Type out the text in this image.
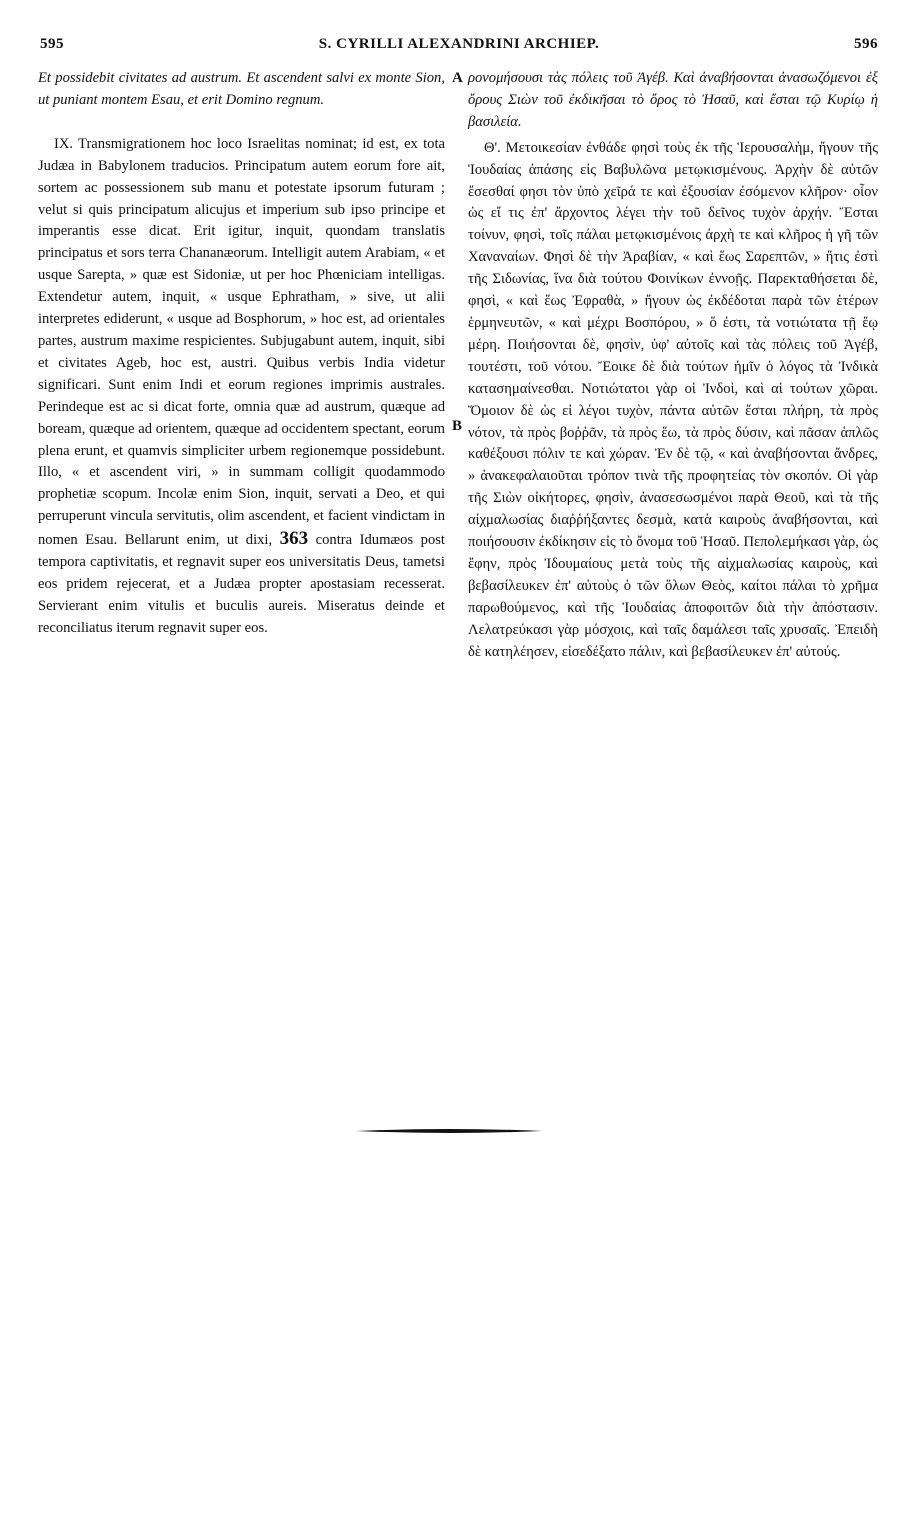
595	S. CYRILLI ALEXANDRINI ARCHIEP.	596

Et possidebit civitates ad austrum. Et ascendent salvi ex monte Sion, ut puniant montem Esau, et erit Domino regnum.

IX. Transmigrationem hoc loco Israelitas nominat; id est, ex tota Judæa in Babylonem traducios. Principatum autem eorum fore ait, sortem ac possessionem sub manu et potestate ipsorum futuram ; velut si quis principatum alicujus et imperium sub ipso principe et imperantis esse dicat. Erit igitur, inquit, quondam translatis principatus et sors terra Chananæorum. Intelligit autem Arabiam, « et usque Sarepta, » quæ est Sidoniæ, ut per hoc Phœniciam intelligas. Extendetur autem, inquit, « usque Ephratham, » sive, ut alii interpretes ediderunt, « usque ad Bosphorum, » hoc est, ad orientales partes, austrum maxime respicientes. Subjugabunt autem, inquit, sibi et civitates Ageb, hoc est, austri. Quibus verbis India videtur significari. Sunt enim Indi et eorum regiones imprimis australes. Perindeque est ac si dicat forte, omnia quæ ad austrum, quæque ad boream, quæque ad orientem, quæque ad occidentem spectant, eorum plena erunt, et quamvis simpliciter urbem regionemque possidebunt. Illo, « et ascendent viri, » in summam colligit quodammodo prophetiæ scopum. Incolæ enim Sion, inquit, servati a Deo, et qui perruperunt vincula servitutis, olim ascendent, et facient vindictam in nomen Esau. Bellarunt enim, ut dixi, 363 contra Idumæos post tempora captivitatis, et regnavit super eos universitatis Deus, tametsi eos pridem rejecerat, et a Judæa propter apostasiam recesserat. Servierant enim vitulis et buculis aureis. Miseratus deinde et reconciliatus iterum regnavit super eos.

A
B

ρονομήσουσι τὰς πόλεις τοῦ Ἀγέβ. Καὶ ἀναβήσονται ἀνασωζόμενοι ἐξ ὄρους Σιὼν τοῦ ἐκδικῆσαι τὸ ὄρος τὸ Ἠσαῦ, καὶ ἔσται τῷ Κυρίῳ ἡ βασιλεία.

Θ'. Μετοικεσίαν ἐνθάδε φησὶ τοὺς ἐκ τῆς Ἱερουσαλὴμ, ἤγουν τῆς Ἰουδαίας ἁπάσης εἰς Βαβυλῶνα μετῳκισμένους. Ἀρχὴν δὲ αὐτῶν ἔσεσθαί φησι τὸν ὑπὸ χεῖρά τε καὶ ἐξουσίαν ἐσόμενον κλῆρον· οἷον ὡς εἴ τις ἐπ' ἄρχοντος λέγει τὴν τοῦ δεῖνος τυχὸν ἀρχήν. Ἔσται τοίνυν, φησὶ, τοῖς πάλαι μετῳκισμένοις ἀρχὴ τε καὶ κλῆρος ἡ γῆ τῶν Χαναναίων. Φησὶ δὲ τὴν Ἀραβίαν, « καὶ ἕως Σαρεπτῶν, » ἥτις ἐστὶ τῆς Σιδωνίας, ἵνα διὰ τούτου Φοινίκων ἐννοῇς. Παρεκταθήσεται δὲ, φησὶ, « καὶ ἕως Ἐφραθὰ, » ἤγουν ὡς ἐκδέδοται παρὰ τῶν ἑτέρων ἑρμηνευτῶν, « καὶ μέχρι Βοσπόρου, » ὅ ἐστι, τὰ νοτιώτατα τῇ ἕῳ μέρη. Ποιήσονται δὲ, φησὶν, ὑφ' αὐτοῖς καὶ τὰς πόλεις τοῦ Ἀγέβ, τουτέστι, τοῦ νότου. Ἔοικε δὲ διὰ τούτων ἡμῖν ὁ λόγος τὰ Ἰνδικὰ κατασημαίνεσθαι. Νοτιώτατοι γὰρ οἱ Ἰνδοὶ, καὶ αἱ τούτων χῶραι. Ὅμοιον δὲ ὡς εἰ λέγοι τυχὸν, πάντα αὐτῶν ἔσται πλήρη, τὰ πρὸς νότον, τὰ πρὸς βοῤῥᾶν, τὰ πρὸς ἕω, τὰ πρὸς δύσιν, καὶ πᾶσαν ἁπλῶς καθέξουσι πόλιν τε καὶ χώραν. Ἐν δὲ τῷ, « καὶ ἀναβήσονται ἄνδρες, » ἀνακεφαλαιοῦται τρόπον τινὰ τῆς προφητείας τὸν σκοπόν. Οἱ γὰρ τῆς Σιὼν οἰκήτορες, φησὶν, ἀνασεσωσμένοι παρὰ Θεοῦ, καὶ τὰ τῆς αἰχμαλωσίας διαῤῥήξαντες δεσμὰ, κατὰ καιροὺς ἀναβήσονται, καὶ ποιήσουσιν ἐκδίκησιν εἰς τὸ ὄνομα τοῦ Ἠσαῦ. Πεπολεμήκασι γὰρ, ὡς ἔφην, πρὸς Ἰδουμαίους μετὰ τοὺς τῆς αἰχμαλωσίας καιροὺς, καὶ βεβασίλευκεν ἐπ' αὐτοὺς ὁ τῶν ὅλων Θεὸς, καίτοι πάλαι τὸ χρῆμα παρωθούμενος, καὶ τῆς Ἰουδαίας ἀποφοιτῶν διὰ τὴν ἀπόστασιν. Λελατρεύκασι γὰρ μόσχοις, καὶ ταῖς δαμάλεσι ταῖς χρυσαῖς. Ἐπειδὴ δὲ κατηλέησεν, εἰσεδέξατο πάλιν, καὶ βεβασίλευκεν ἐπ' αὐτούς.
